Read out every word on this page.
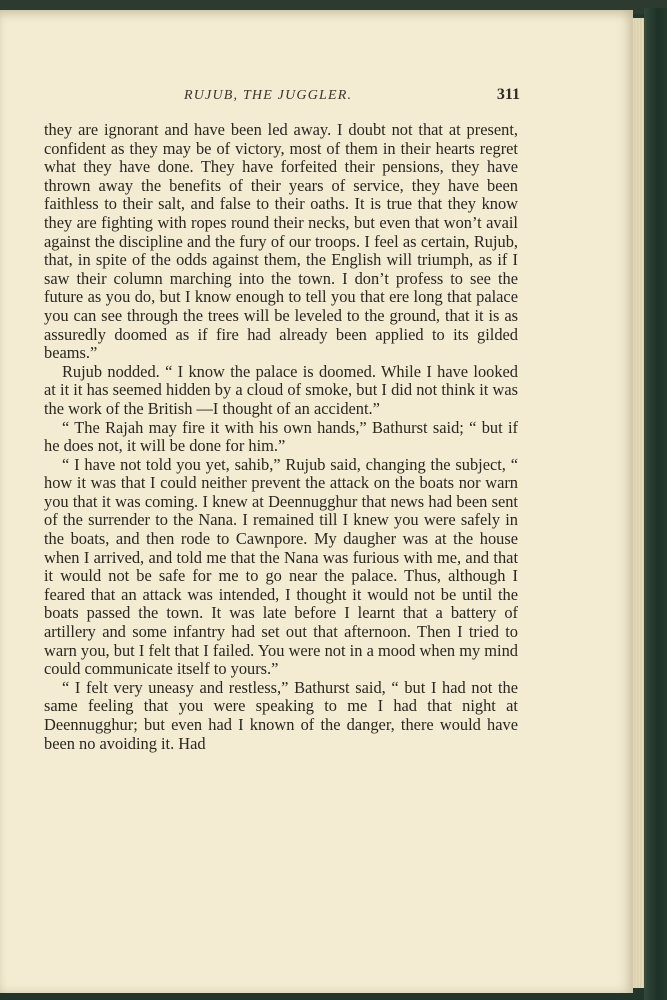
RUJUB, THE JUGGLER.	311

they are ignorant and have been led away. I doubt not that at present, confident as they may be of victory, most of them in their hearts regret what they have done. They have forfeited their pensions, they have thrown away the benefits of their years of service, they have been faithless to their salt, and false to their oaths. It is true that they know they are fighting with ropes round their necks, but even that won’t avail against the discipline and the fury of our troops. I feel as certain, Rujub, that, in spite of the odds against them, the English will triumph, as if I saw their column marching into the town. I don’t profess to see the future as you do, but I know enough to tell you that ere long that palace you can see through the trees will be leveled to the ground, that it is as assuredly doomed as if fire had already been applied to its gilded beams.”

Rujub nodded. “ I know the palace is doomed. While I have looked at it it has seemed hidden by a cloud of smoke, but I did not think it was the work of the British —I thought of an accident.”

“ The Rajah may fire it with his own hands,” Bathurst said; “ but if he does not, it will be done for him.”

“ I have not told you yet, sahib,” Rujub said, changing the subject, “ how it was that I could neither prevent the attack on the boats nor warn you that it was coming. I knew at Deennugghur that news had been sent of the surrender to the Nana. I remained till I knew you were safely in the boats, and then rode to Cawnpore. My daugher was at the house when I arrived, and told me that the Nana was furious with me, and that it would not be safe for me to go near the palace. Thus, although I feared that an attack was intended, I thought it would not be until the boats passed the town. It was late before I learnt that a battery of artillery and some infantry had set out that afternoon. Then I tried to warn you, but I felt that I failed. You were not in a mood when my mind could communicate itself to yours.”

“ I felt very uneasy and restless,” Bathurst said, “ but I had not the same feeling that you were speaking to me I had that night at Deennugghur; but even had I known of the danger, there would have been no avoiding it. Had
